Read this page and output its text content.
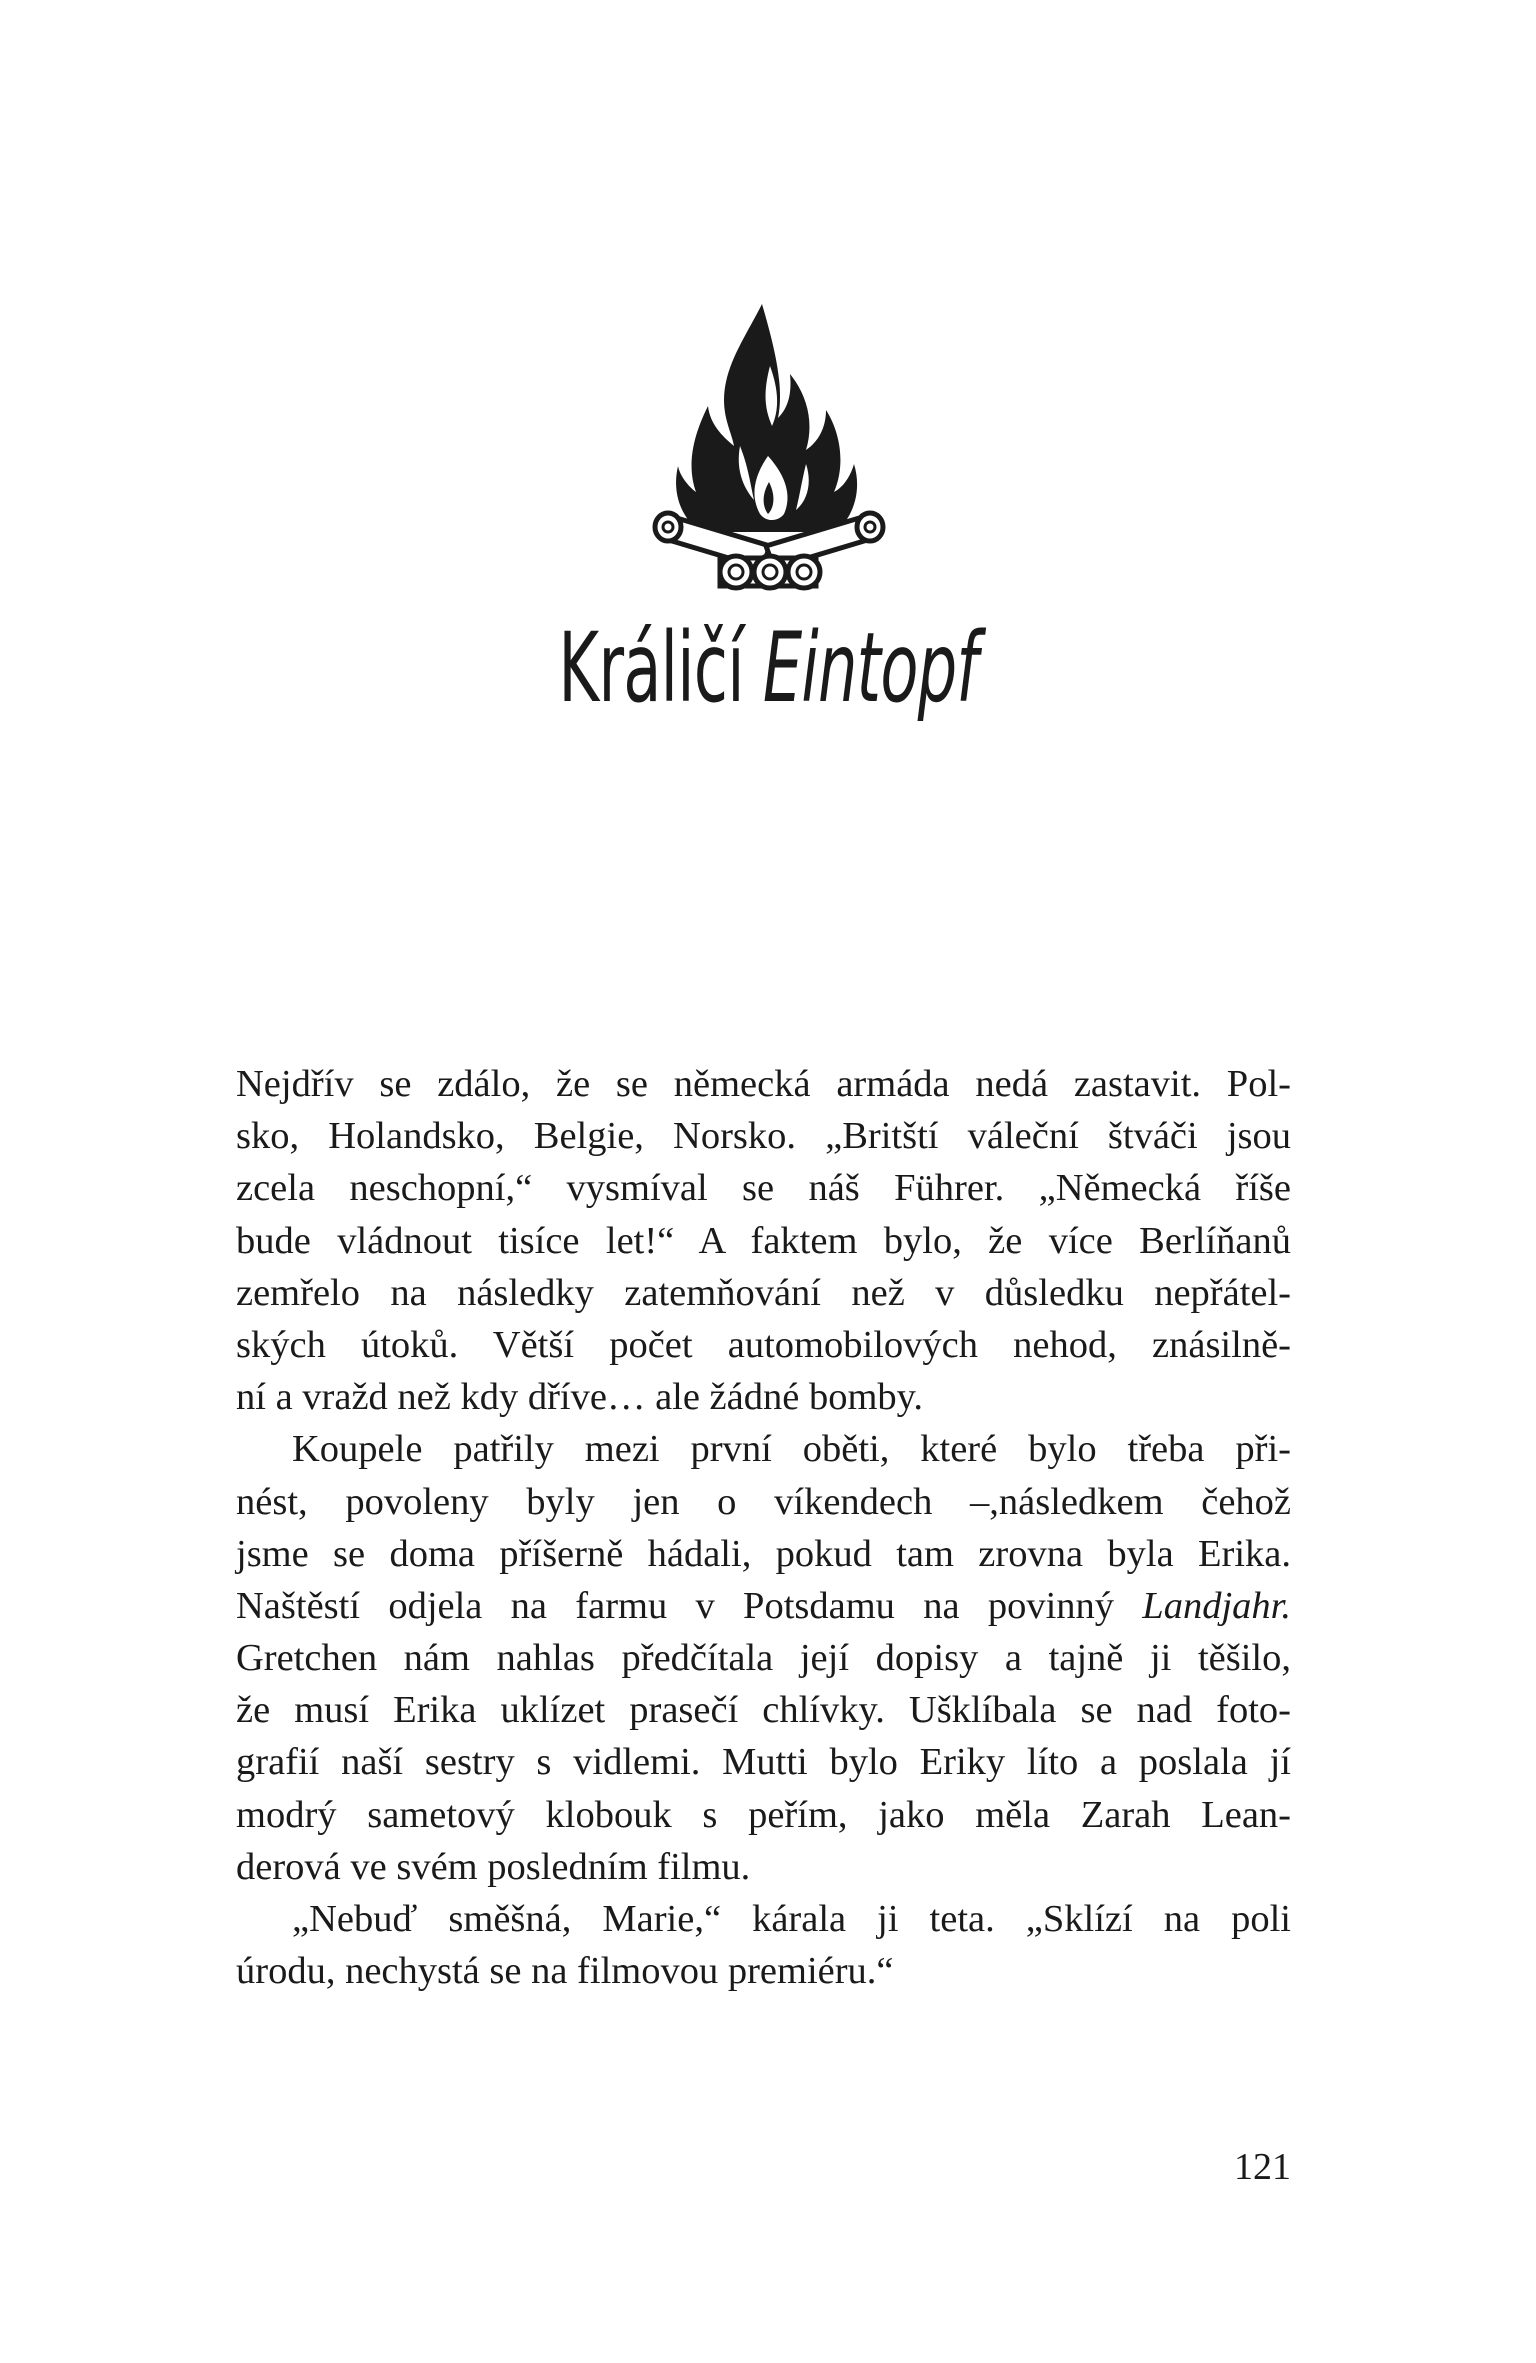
Králičí Eintopf
Nejdřív se zdálo, že se německá armáda nedá zastavit. Pol-
sko, Holandsko, Belgie, Norsko. „Britští váleční štváči jsou
zcela neschopní,“ vysmíval se náš Führer. „Německá říše
bude vládnout tisíce let!“ A faktem bylo, že více Berlíňanů
zemřelo na následky zatemňování než v důsledku nepřátel-
ských útoků. Větší počet automobilových nehod, znásilně-
ní a vražd než kdy dříve… ale žádné bomby.
Koupele patřily mezi první oběti, které bylo třeba při-
nést, povoleny byly jen o víkendech –,následkem čehož
jsme se doma příšerně hádali, pokud tam zrovna byla Erika.
Naštěstí odjela na farmu v Potsdamu na povinný Landjahr.
Gretchen nám nahlas předčítala její dopisy a tajně ji těšilo,
že musí Erika uklízet prasečí chlívky. Ušklíbala se nad foto-
grafií naší sestry s vidlemi. Mutti bylo Eriky líto a poslala jí
modrý sametový klobouk s peřím, jako měla Zarah Lean-
derová ve svém posledním filmu.
„Nebuď směšná, Marie,“ kárala ji teta. „Sklízí na poli
úrodu, nechystá se na filmovou premiéru.“
121
